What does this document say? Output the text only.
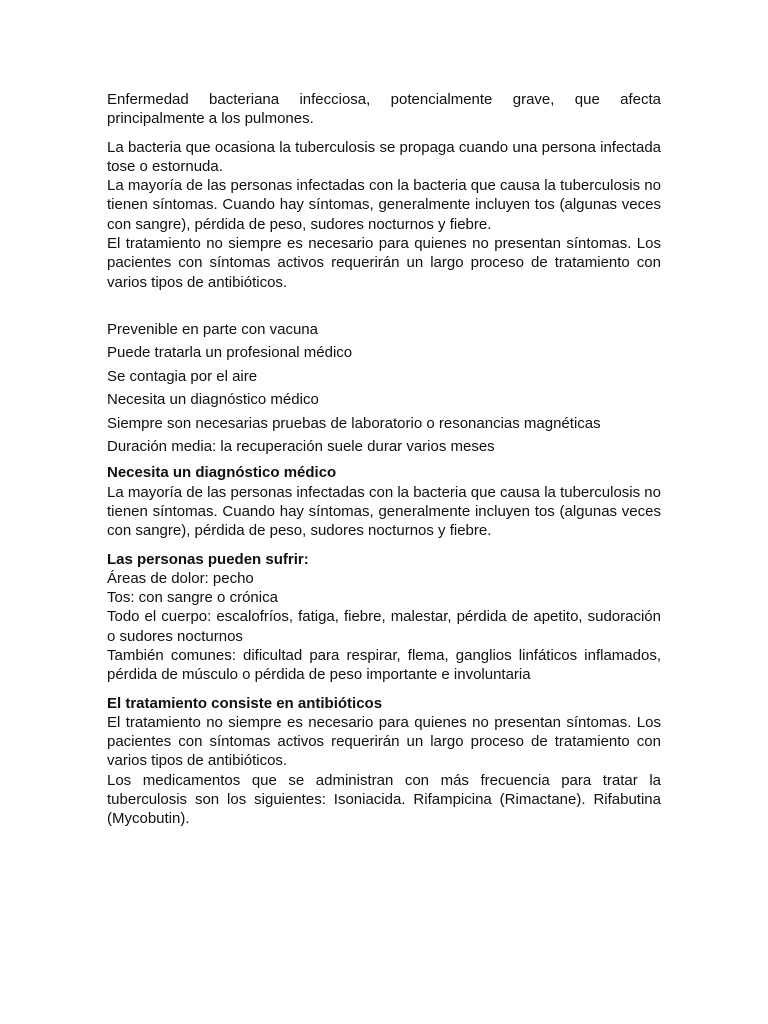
Enfermedad bacteriana infecciosa, potencialmente grave, que afecta principalmente a los pulmones.

La bacteria que ocasiona la tuberculosis se propaga cuando una persona infectada tose o estornuda.

La mayoría de las personas infectadas con la bacteria que causa la tuberculosis no tienen síntomas. Cuando hay síntomas, generalmente incluyen tos (algunas veces con sangre), pérdida de peso, sudores nocturnos y fiebre.

El tratamiento no siempre es necesario para quienes no presentan síntomas. Los pacientes con síntomas activos requerirán un largo proceso de tratamiento con varios tipos de antibióticos.

Prevenible en parte con vacuna
Puede tratarla un profesional médico
Se contagia por el aire
Necesita un diagnóstico médico
Siempre son necesarias pruebas de laboratorio o resonancias magnéticas
Duración media: la recuperación suele durar varios meses

Necesita un diagnóstico médico

La mayoría de las personas infectadas con la bacteria que causa la tuberculosis no tienen síntomas. Cuando hay síntomas, generalmente incluyen tos (algunas veces con sangre), pérdida de peso, sudores nocturnos y fiebre.

Las personas pueden sufrir:

Áreas de dolor: pecho

Tos: con sangre o crónica

Todo el cuerpo: escalofríos, fatiga, fiebre, malestar, pérdida de apetito, sudoración o sudores nocturnos

También comunes: dificultad para respirar, flema, ganglios linfáticos inflamados, pérdida de músculo o pérdida de peso importante e involuntaria

El tratamiento consiste en antibióticos

El tratamiento no siempre es necesario para quienes no presentan síntomas. Los pacientes con síntomas activos requerirán un largo proceso de tratamiento con varios tipos de antibióticos.

Los medicamentos que se administran con más frecuencia para tratar la tuberculosis son los siguientes: Isoniacida. Rifampicina (Rimactane). Rifabutina (Mycobutin).
